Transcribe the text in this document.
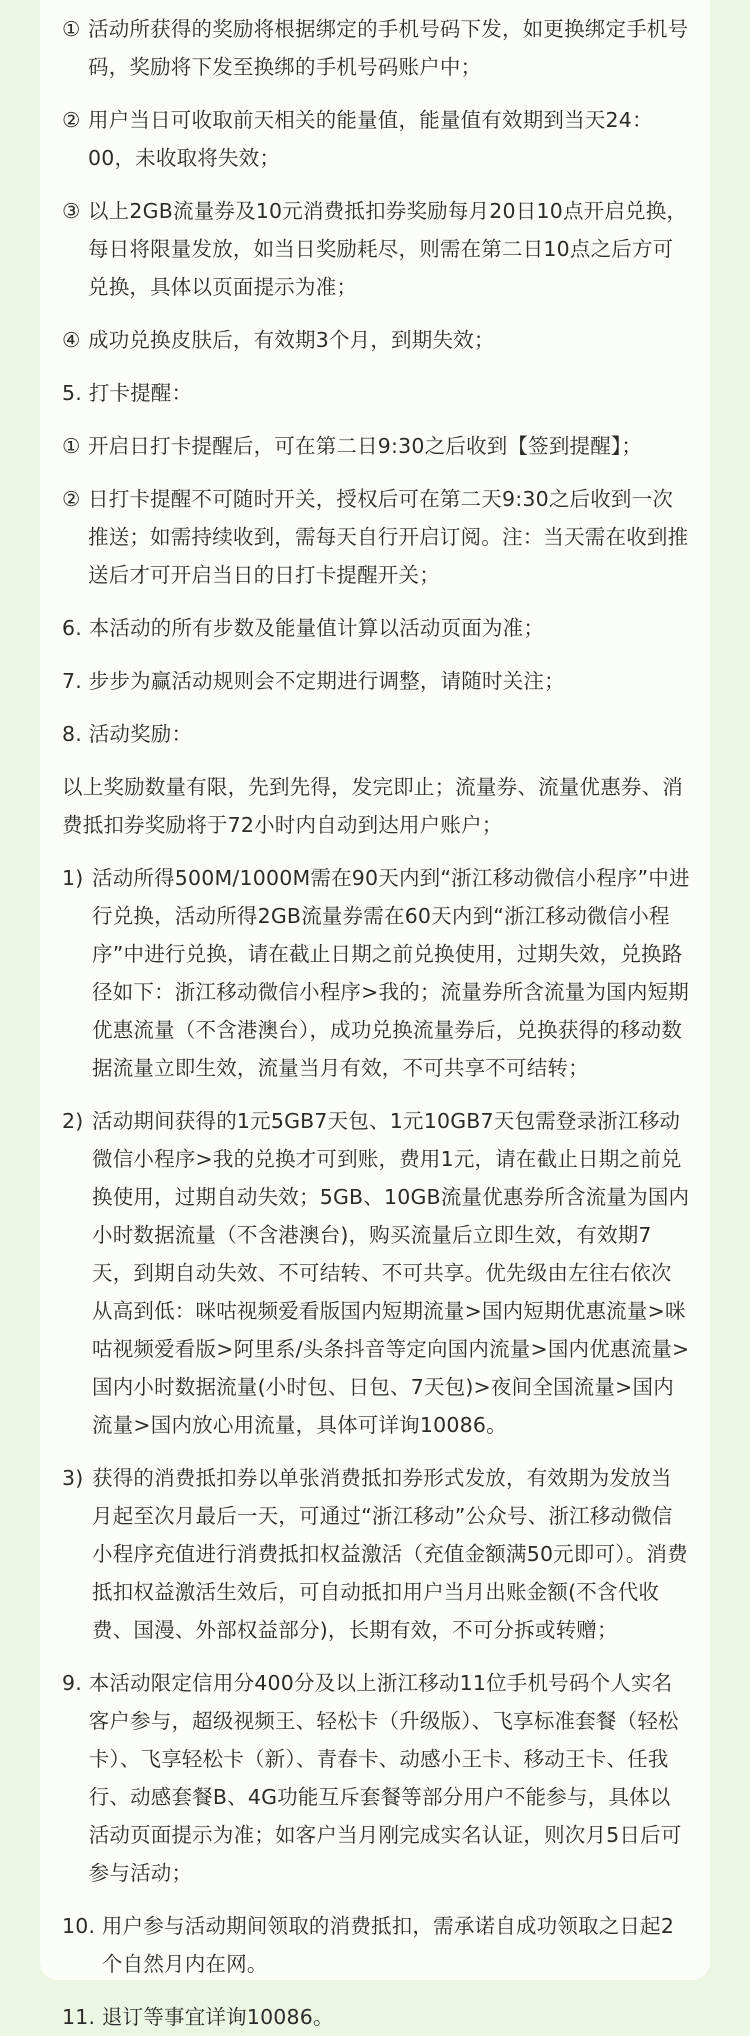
① 活动所获得的奖励将根据绑定的手机号码下发，如更换绑定手机号码，奖励将下发至换绑的手机号码账户中；
② 用户当日可收取前天相关的能量值，能量值有效期到当天24：00，未收取将失效；
③ 以上2GB流量券及10元消费抵扣券奖励每月20日10点开启兑换，每日将限量发放，如当日奖励耗尽，则需在第二日10点之后方可兑换，具体以页面提示为准；
④ 成功兑换皮肤后，有效期3个月，到期失效；
5. 打卡提醒：
① 开启日打卡提醒后，可在第二日9:30之后收到【签到提醒】；
② 日打卡提醒不可随时开关，授权后可在第二天9:30之后收到一次推送；如需持续收到，需每天自行开启订阅。注：当天需在收到推送后才可开启当日的日打卡提醒开关；
6. 本活动的所有步数及能量值计算以活动页面为准；
7. 步步为赢活动规则会不定期进行调整，请随时关注；
8. 活动奖励：
以上奖励数量有限，先到先得，发完即止；流量券、流量优惠券、消费抵扣券奖励将于72小时内自动到达用户账户；
1) 活动所得500M/1000M需在90天内到“浙江移动微信小程序”中进行兑换，活动所得2GB流量券需在60天内到“浙江移动微信小程序”中进行兑换，请在截止日期之前兑换使用，过期失效，兑换路径如下：浙江移动微信小程序>我的；流量券所含流量为国内短期优惠流量（不含港澳台），成功兑换流量券后，兑换获得的移动数据流量立即生效，流量当月有效，不可共享不可结转；
2) 活动期间获得的1元5GB7天包、1元10GB7天包需登录浙江移动微信小程序>我的兑换才可到账，费用1元，请在截止日期之前兑换使用，过期自动失效；5GB、10GB流量优惠券所含流量为国内小时数据流量（不含港澳台)，购买流量后立即生效，有效期7天，到期自动失效、不可结转、不可共享。优先级由左往右依次从高到低：咪咕视频爱看版国内短期流量>国内短期优惠流量>咪咕视频爱看版>阿里系/头条抖音等定向国内流量>国内优惠流量>国内小时数据流量(小时包、日包、7天包)>夜间全国流量>国内流量>国内放心用流量，具体可详询10086。
3) 获得的消费抵扣券以单张消费抵扣券形式发放，有效期为发放当月起至次月最后一天，可通过“浙江移动”公众号、浙江移动微信小程序充值进行消费抵扣权益激活（充值金额满50元即可）。消费抵扣权益激活生效后，可自动抵扣用户当月出账金额(不含代收费、国漫、外部权益部分)，长期有效，不可分拆或转赠；
9. 本活动限定信用分400分及以上浙江移动11位手机号码个人实名客户参与，超级视频王、轻松卡（升级版）、飞享标准套餐（轻松卡）、飞享轻松卡（新）、青春卡、动感小王卡、移动王卡、任我行、动感套餐B、4G功能互斥套餐等部分用户不能参与，具体以活动页面提示为准；如客户当月刚完成实名认证，则次月5日后可参与活动；
10. 用户参与活动期间领取的消费抵扣，需承诺自成功领取之日起2个自然月内在网。
11. 退订等事宜详询10086。
